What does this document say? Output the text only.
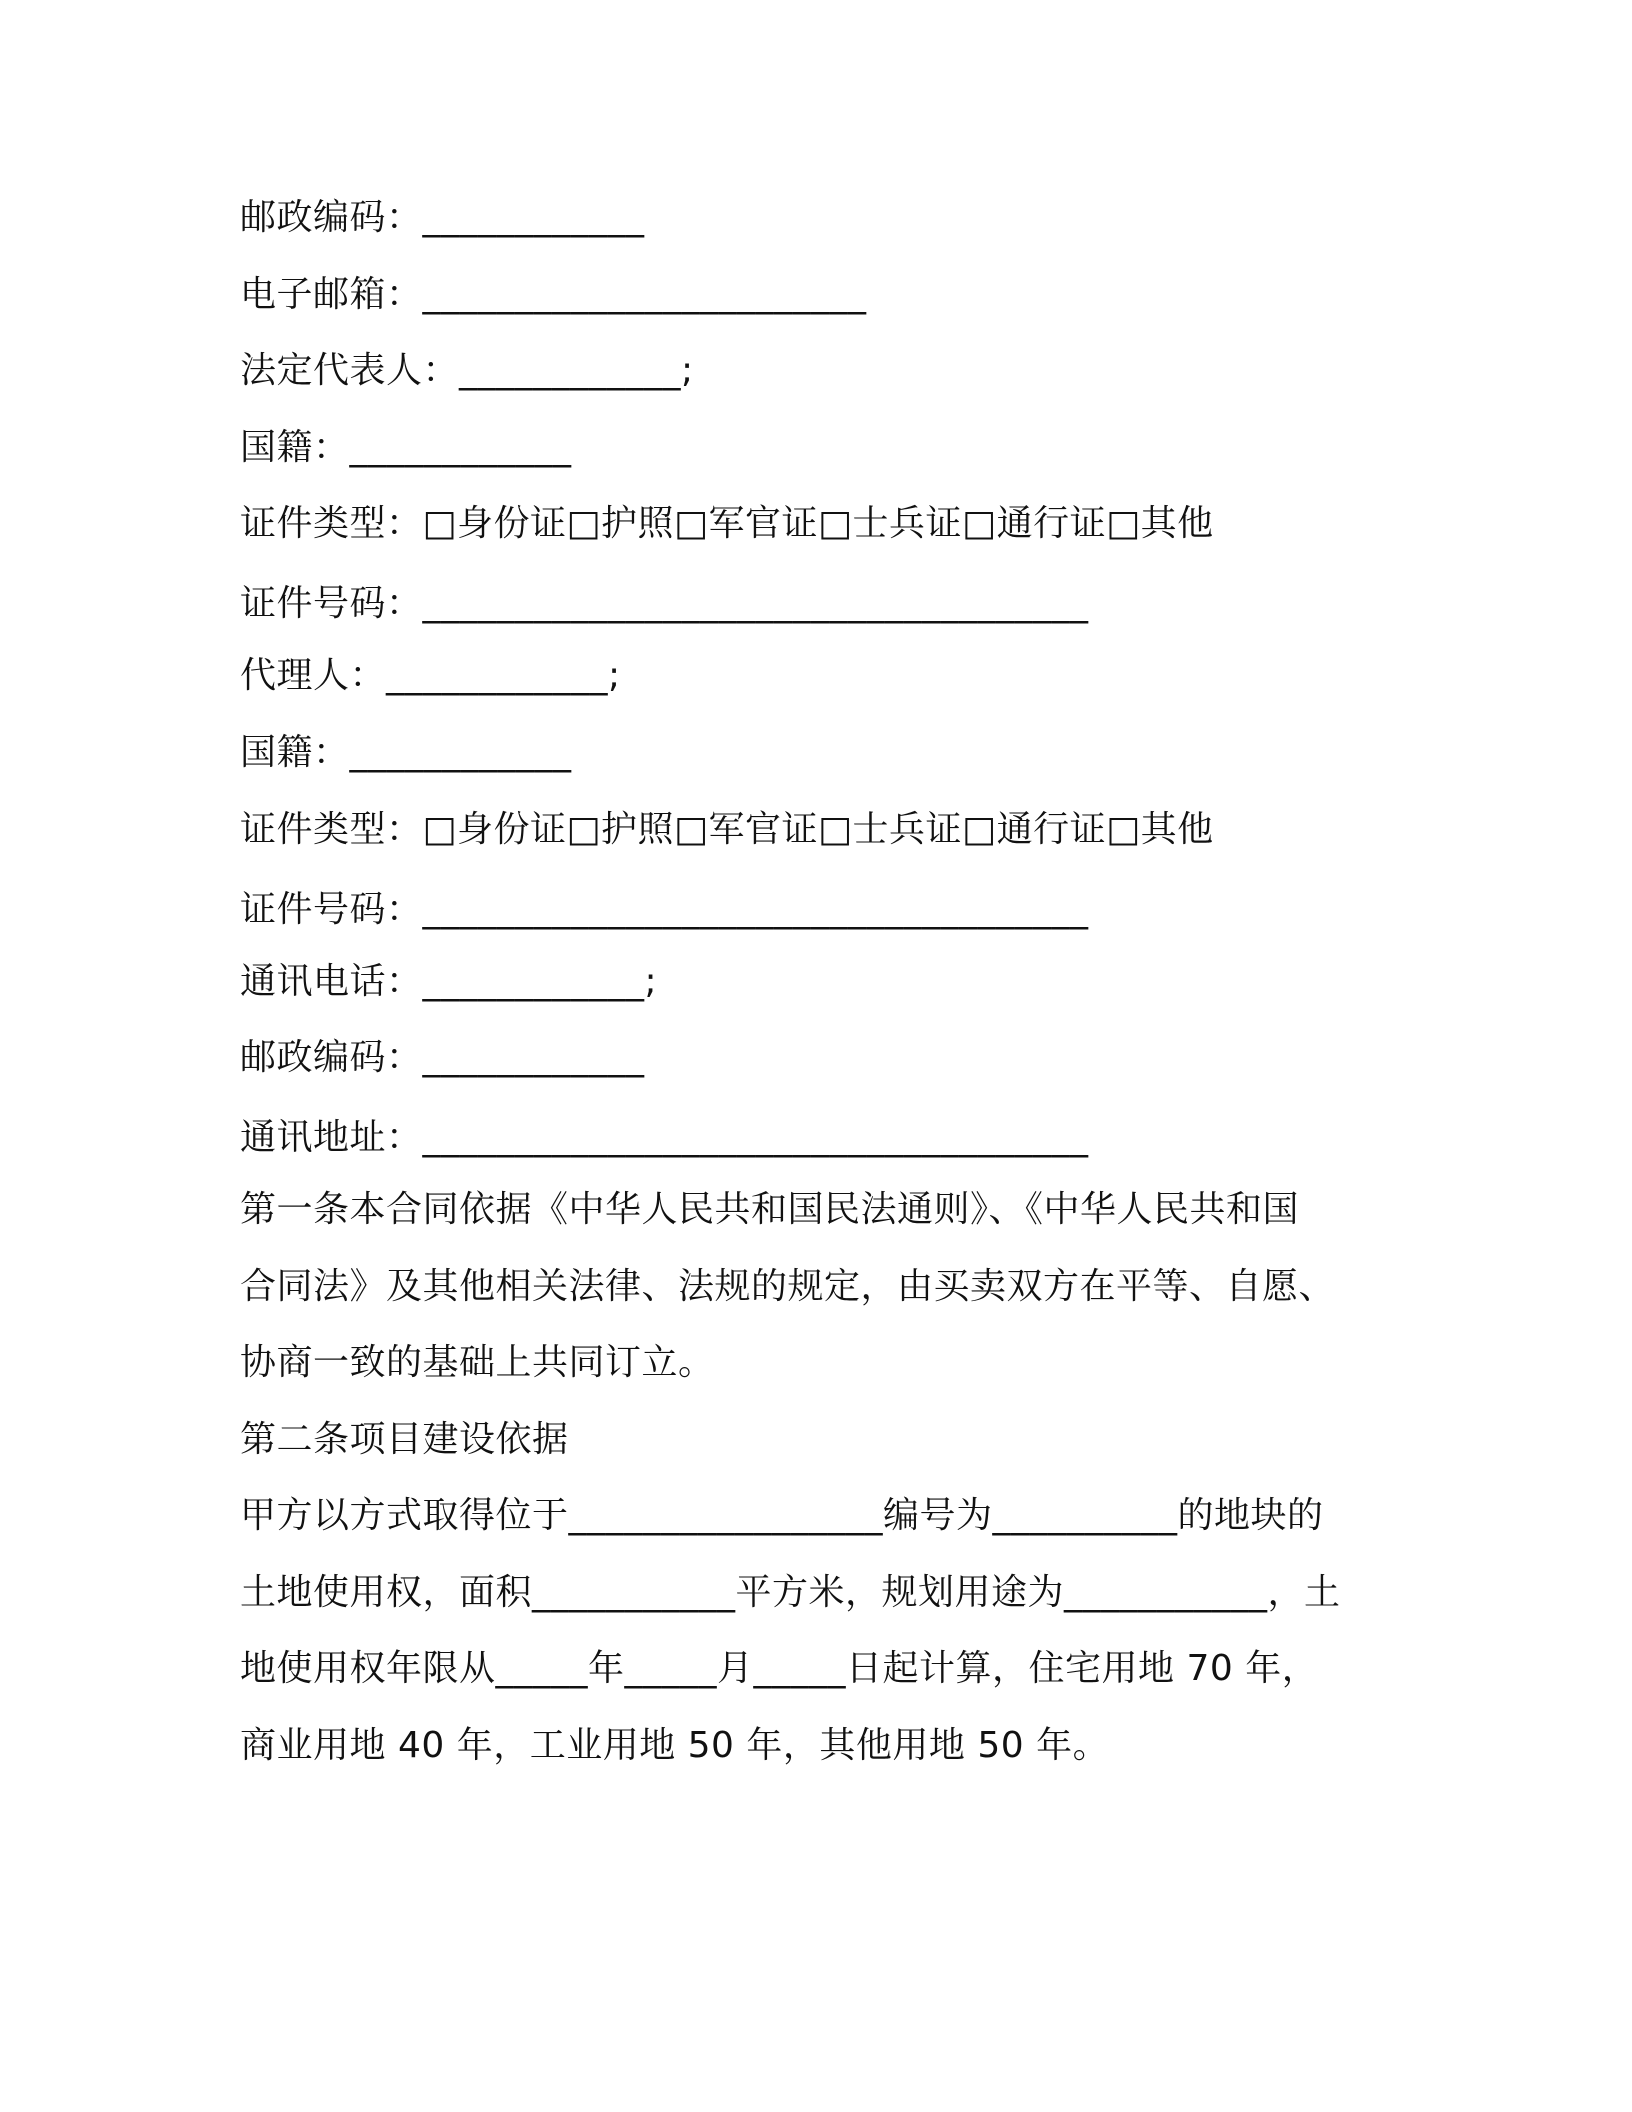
邮政编码：____________
电子邮箱：________________________
法定代表人：____________;
国籍：____________
证件类型：□身份证□护照□军官证□士兵证□通行证□其他
证件号码：____________________________________
代理人：____________;
国籍：____________
证件类型：□身份证□护照□军官证□士兵证□通行证□其他
证件号码：____________________________________
通讯电话：____________;
邮政编码：____________
通讯地址：____________________________________
第一条本合同依据《中华人民共和国民法通则》、《中华人民共和国
合同法》及其他相关法律、法规的规定，由买卖双方在平等、自愿、
协商一致的基础上共同订立。
第二条项目建设依据
甲方以方式取得位于_________________编号为__________的地块的
土地使用权，面积___________平方米，规划用途为___________，土
地使用权年限从_____年_____月_____日起计算，住宅用地 70 年，
商业用地 40 年，工业用地 50 年，其他用地 50 年。
